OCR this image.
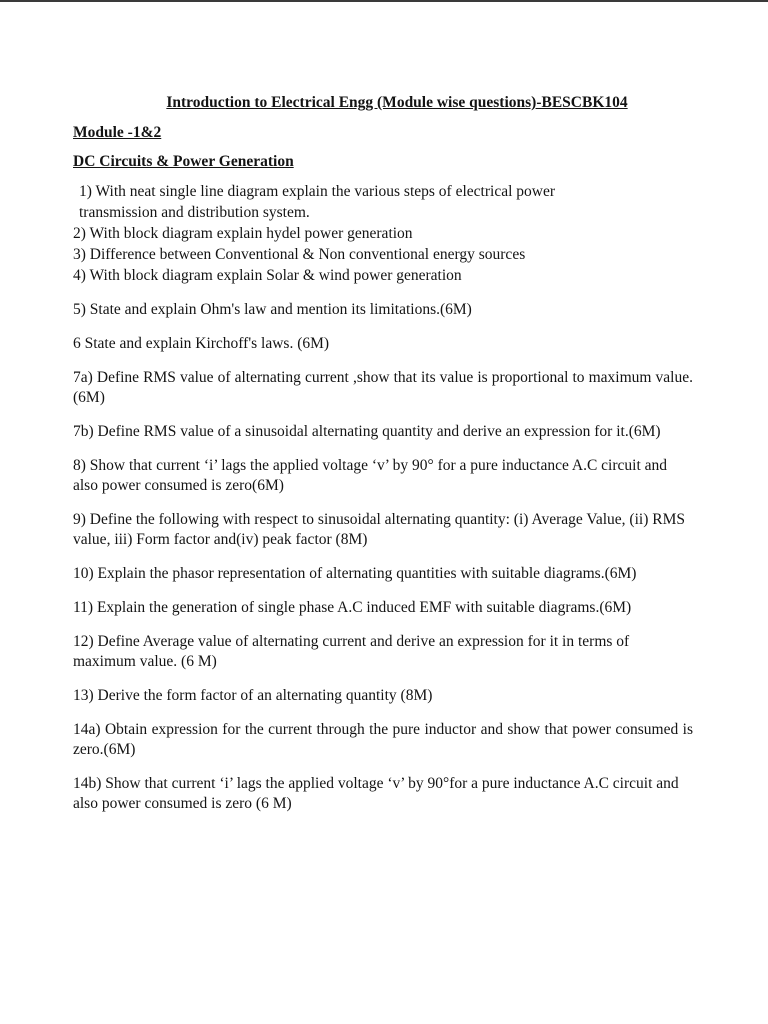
Introduction to Electrical Engg (Module wise questions)-BESCBK104
Module -1&2
DC Circuits & Power Generation

1) With neat single line diagram explain the various steps of electrical power transmission and distribution system.

2) With block diagram explain hydel power generation

3) Difference between Conventional & Non conventional energy sources

4) With block diagram explain Solar & wind power generation

5) State and explain Ohm's law and mention its limitations.(6M)

6 State and explain Kirchoff's laws. (6M)

7a) Define RMS value of alternating current ,show that its value is proportional to maximum value.(6M)

7b) Define RMS value of a sinusoidal alternating quantity and derive an expression for it.(6M)

8) Show that current ‘i’ lags the applied voltage ‘v’ by 90° for a pure inductance A.C circuit and also power consumed is zero(6M)

9) Define the following with respect to sinusoidal alternating quantity: (i) Average Value, (ii) RMS value, iii) Form factor and(iv) peak factor (8M)

10) Explain the phasor representation of alternating quantities with suitable diagrams.(6M)

11) Explain the generation of single phase A.C induced EMF with suitable diagrams.(6M)

12) Define Average value of alternating current and derive an expression for it in terms of maximum value. (6 M)

13) Derive the form factor of an alternating quantity (8M)

14a) Obtain expression for the current through the pure inductor and show that power consumed is zero.(6M)

14b) Show that current ‘i’ lags the applied voltage ‘v’ by 90°for a pure inductance A.C circuit and also power consumed is zero (6 M)
